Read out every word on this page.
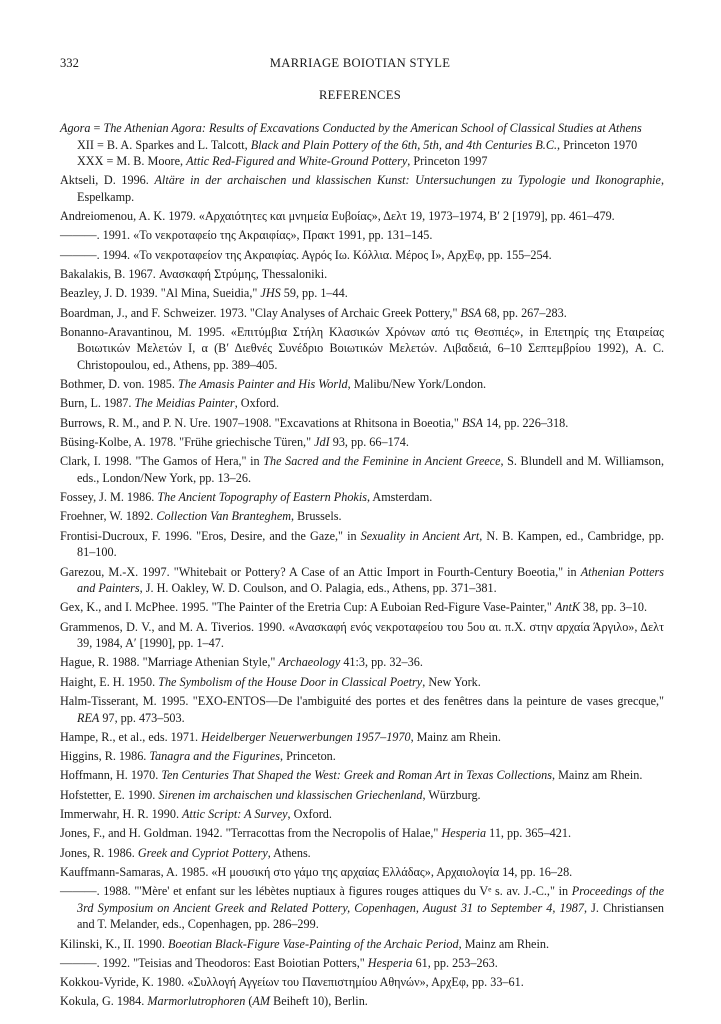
332	MARRIAGE BOIOTIAN STYLE
REFERENCES
Agora = The Athenian Agora: Results of Excavations Conducted by the American School of Classical Studies at Athens
XII = B. A. Sparkes and L. Talcott, Black and Plain Pottery of the 6th, 5th, and 4th Centuries B.C., Princeton 1970
XXX = M. B. Moore, Attic Red-Figured and White-Ground Pottery, Princeton 1997
Aktseli, D. 1996. Altäre in der archaischen und klassischen Kunst: Untersuchungen zu Typologie und Ikonographie, Espelkamp.
Andreiomenou, A. K. 1979. «Αρχαιότητες και μνημεία Ευβοίας», Δελτ 19, 1973–1974, Β′ 2 [1979], pp. 461–479.
———. 1991. «Το νεκροταφείο της Ακραιφίας», Πρακτ 1991, pp. 131–145.
———. 1994. «Το νεκροταφείον της Ακραιφίας. Αγρός Ιω. Κόλλια. Μέρος Ι», ΑρχΕφ, pp. 155–254.
Bakalakis, B. 1967. Ανασκαφή Στρύμης, Thessaloniki.
Beazley, J. D. 1939. "Al Mina, Sueidia," JHS 59, pp. 1–44.
Boardman, J., and F. Schweizer. 1973. "Clay Analyses of Archaic Greek Pottery," BSA 68, pp. 267–283.
Bonanno-Aravantinou, M. 1995. «Επιτύμβια Στήλη Κλασικών Χρόνων από τις Θεσπιές», in Επετηρίς της Εταιρείας Βοιωτικών Μελετών Ι, α (Β′ Διεθνές Συνέδριο Βοιωτικών Μελετών. Λιβαδειά, 6–10 Σεπτεμβρίου 1992), A. C. Christopoulou, ed., Athens, pp. 389–405.
Bothmer, D. von. 1985. The Amasis Painter and His World, Malibu/New York/London.
Burn, L. 1987. The Meidias Painter, Oxford.
Burrows, R. M., and P. N. Ure. 1907–1908. "Excavations at Rhitsona in Boeotia," BSA 14, pp. 226–318.
Büsing-Kolbe, A. 1978. "Frühe griechische Türen," JdI 93, pp. 66–174.
Clark, I. 1998. "The Gamos of Hera," in The Sacred and the Feminine in Ancient Greece, S. Blundell and M. Williamson, eds., London/New York, pp. 13–26.
Fossey, J. M. 1986. The Ancient Topography of Eastern Phokis, Amsterdam.
Froehner, W. 1892. Collection Van Branteghem, Brussels.
Frontisi-Ducroux, F. 1996. "Eros, Desire, and the Gaze," in Sexuality in Ancient Art, N. B. Kampen, ed., Cambridge, pp. 81–100.
Garezou, M.-X. 1997. "Whitebait or Pottery? A Case of an Attic Import in Fourth-Century Boeotia," in Athenian Potters and Painters, J. H. Oakley, W. D. Coulson, and O. Palagia, eds., Athens, pp. 371–381.
Gex, K., and I. McPhee. 1995. "The Painter of the Eretria Cup: A Euboian Red-Figure Vase-Painter," AntK 38, pp. 3–10.
Grammenos, D. V., and M. A. Tiverios. 1990. «Ανασκαφή ενός νεκροταφείου του 5ου αι. π.Χ. στην αρχαία Άργιλο», Δελτ 39, 1984, Α′ [1990], pp. 1–47.
Hague, R. 1988. "Marriage Athenian Style," Archaeology 41:3, pp. 32–36.
Haight, E. H. 1950. The Symbolism of the House Door in Classical Poetry, New York.
Halm-Tisserant, M. 1995. "EXO-ENTOS—De l'ambiguité des portes et des fenêtres dans la peinture de vases grecque," REA 97, pp. 473–503.
Hampe, R., et al., eds. 1971. Heidelberger Neuerwerbungen 1957–1970, Mainz am Rhein.
Higgins, R. 1986. Tanagra and the Figurines, Princeton.
Hoffmann, H. 1970. Ten Centuries That Shaped the West: Greek and Roman Art in Texas Collections, Mainz am Rhein.
Hofstetter, E. 1990. Sirenen im archaischen und klassischen Griechenland, Würzburg.
Immerwahr, H. R. 1990. Attic Script: A Survey, Oxford.
Jones, F., and H. Goldman. 1942. "Terracottas from the Necropolis of Halae," Hesperia 11, pp. 365–421.
Jones, R. 1986. Greek and Cypriot Pottery, Athens.
Kauffmann-Samaras, A. 1985. «Η μουσική στο γάμο της αρχαίας Ελλάδας», Αρχαιολογία 14, pp. 16–28.
———. 1988. "'Mère' et enfant sur les lébètes nuptiaux à figures rouges attiques du Vᵉ s. av. J.-C.," in Proceedings of the 3rd Symposium on Ancient Greek and Related Pottery, Copenhagen, August 31 to September 4, 1987, J. Christiansen and T. Melander, eds., Copenhagen, pp. 286–299.
Kilinski, K., II. 1990. Boeotian Black-Figure Vase-Painting of the Archaic Period, Mainz am Rhein.
———. 1992. "Teisias and Theodoros: East Boiotian Potters," Hesperia 61, pp. 253–263.
Kokkou-Vyride, K. 1980. «Συλλογή Αγγείων του Πανεπιστημίου Αθηνών», ΑρχΕφ, pp. 33–61.
Kokula, G. 1984. Marmorlutrophoren (AM Beiheft 10), Berlin.
